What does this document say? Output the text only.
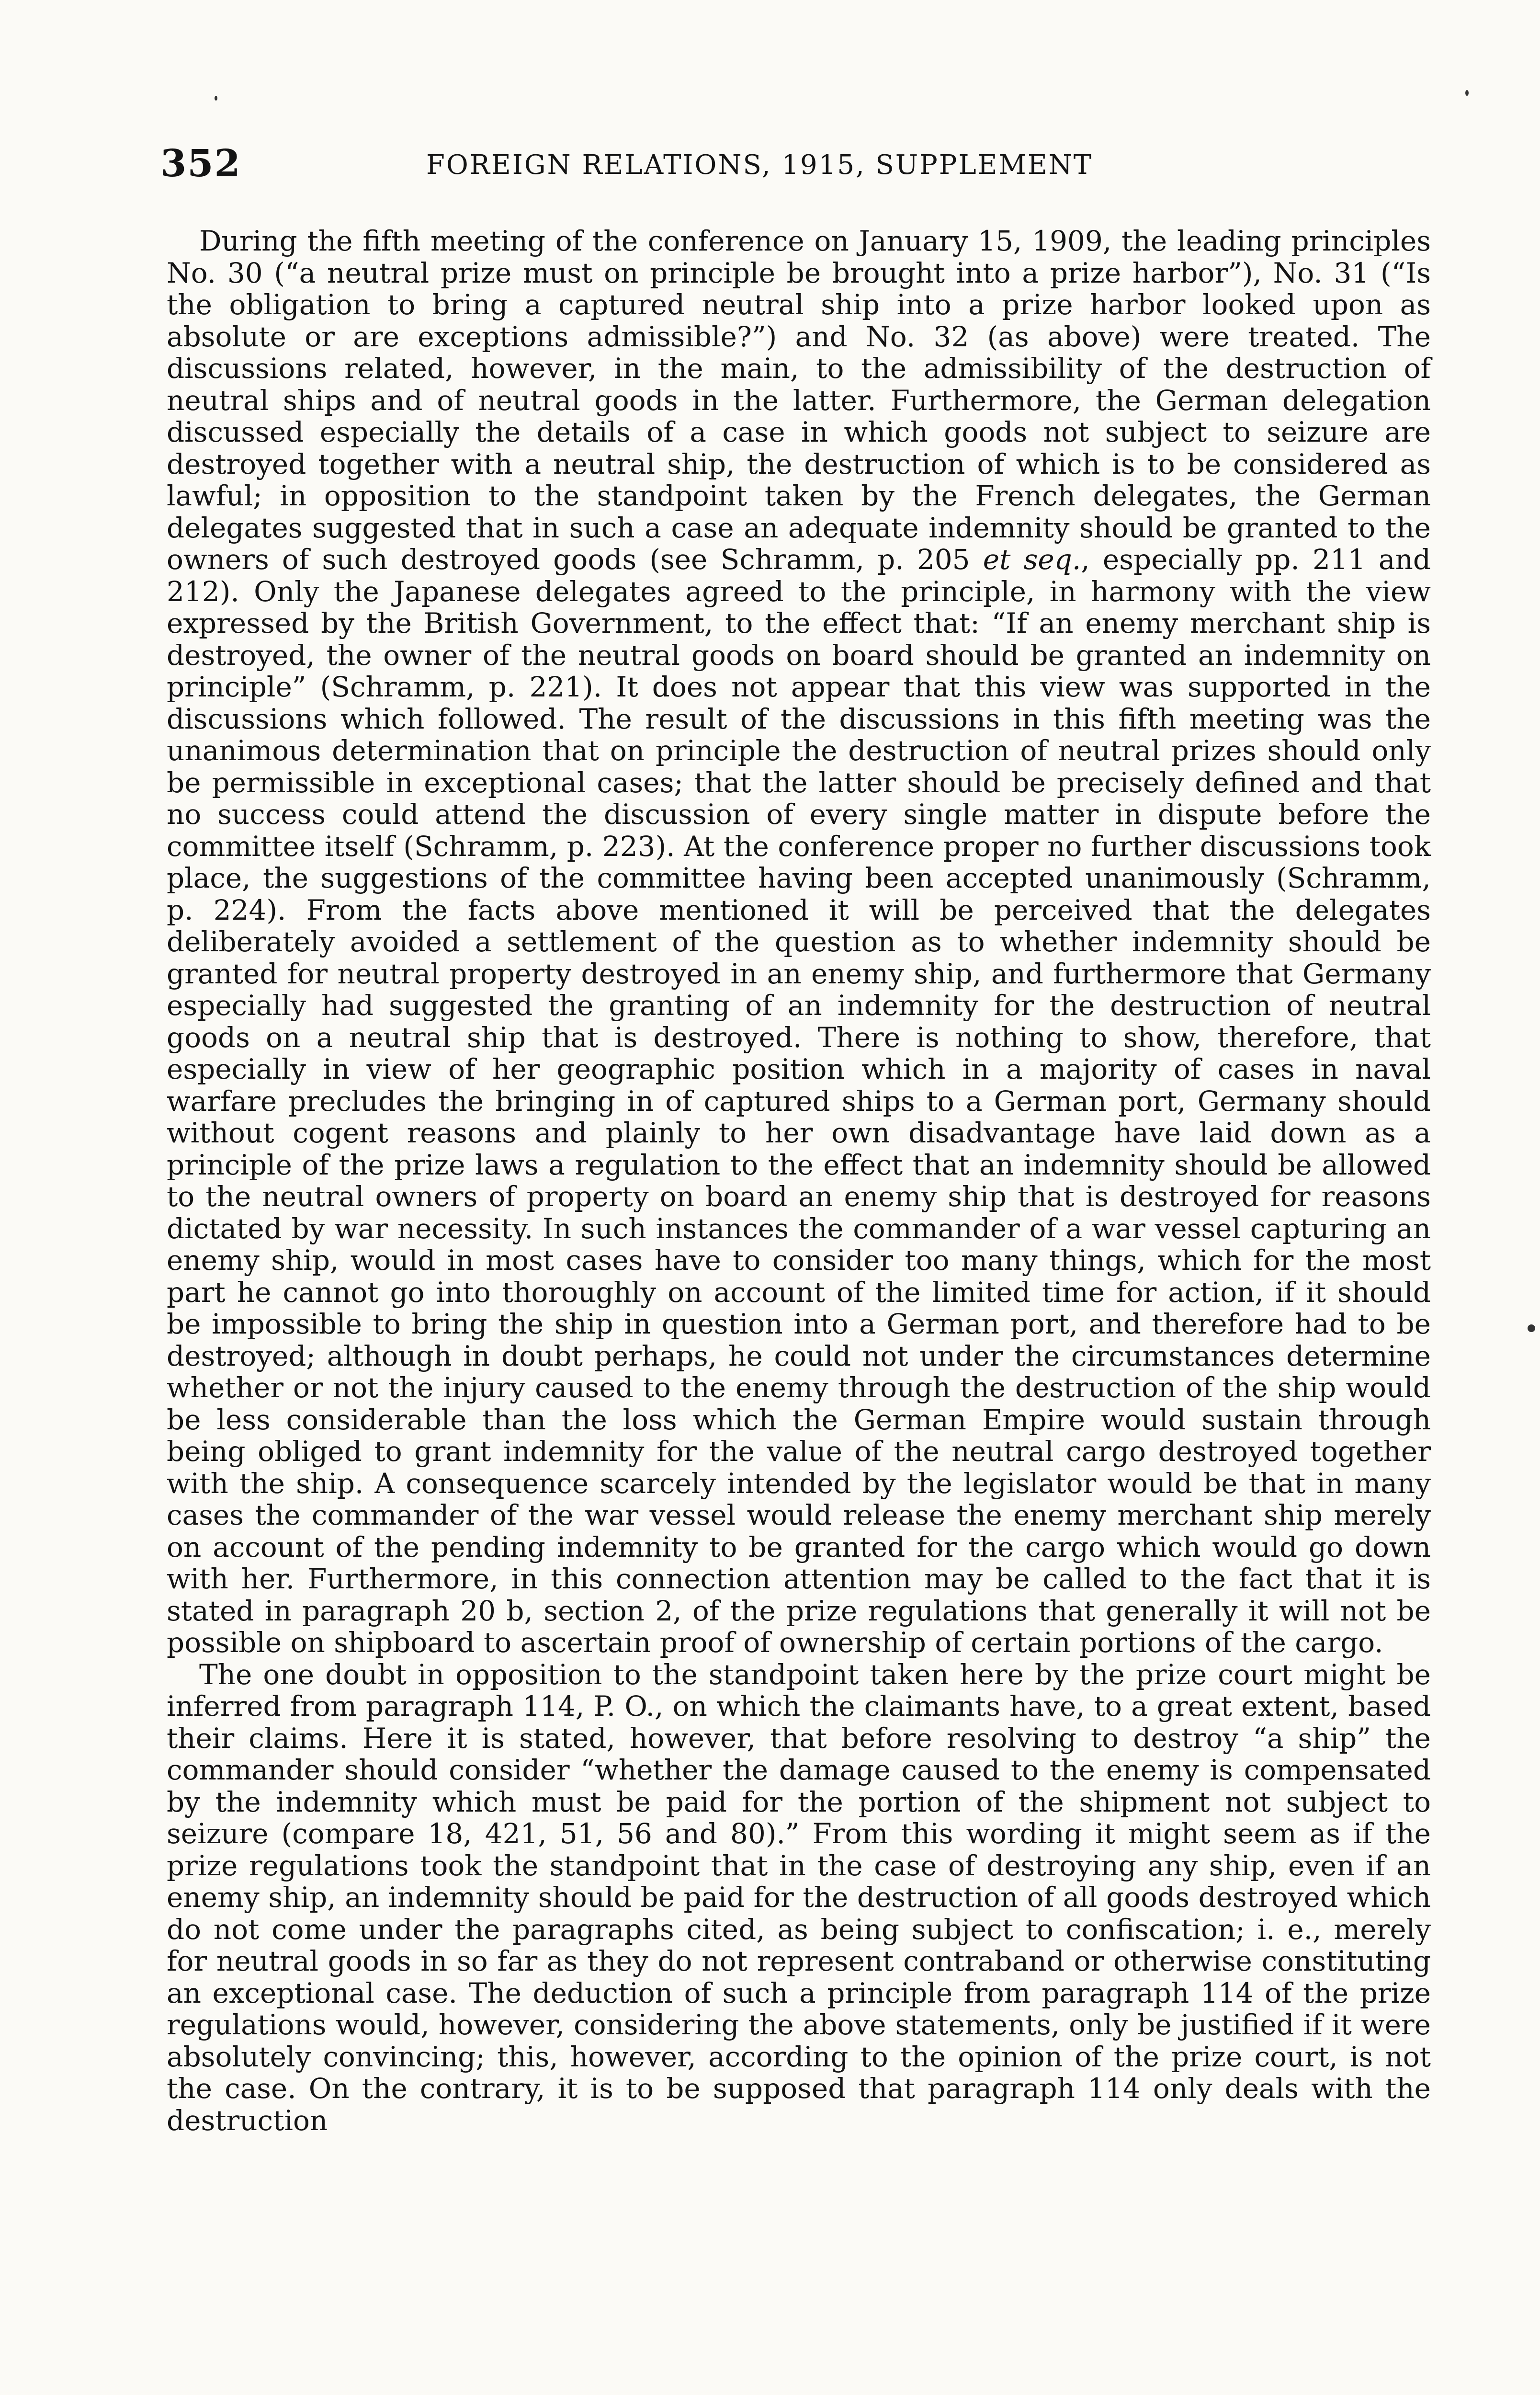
352	FOREIGN RELATIONS, 1915, SUPPLEMENT

During the fifth meeting of the conference on January 15, 1909, the leading principles No. 30 (“a neutral prize must on principle be brought into a prize harbor”), No. 31 (“Is the obligation to bring a captured neutral ship into a prize harbor looked upon as absolute or are exceptions admissible?”) and No. 32 (as above) were treated. The discussions related, however, in the main, to the admissibility of the destruction of neutral ships and of neutral goods in the latter. Furthermore, the German delegation discussed especially the details of a case in which goods not subject to seizure are destroyed together with a neutral ship, the destruction of which is to be considered as lawful; in opposition to the standpoint taken by the French delegates, the German delegates suggested that in such a case an adequate indemnity should be granted to the owners of such destroyed goods (see Schramm, p. 205 et seq., especially pp. 211 and 212). Only the Japanese delegates agreed to the principle, in harmony with the view expressed by the British Government, to the effect that: “If an enemy merchant ship is destroyed, the owner of the neutral goods on board should be granted an indemnity on principle” (Schramm, p. 221). It does not appear that this view was supported in the discussions which followed. The result of the discussions in this fifth meeting was the unanimous determination that on principle the destruction of neutral prizes should only be permissible in exceptional cases; that the latter should be precisely defined and that no success could attend the discussion of every single matter in dispute before the committee itself (Schramm, p. 223). At the conference proper no further discussions took place, the suggestions of the committee having been accepted unanimously (Schramm, p. 224). From the facts above mentioned it will be perceived that the delegates deliberately avoided a settlement of the question as to whether indemnity should be granted for neutral property destroyed in an enemy ship, and furthermore that Germany especially had suggested the granting of an indemnity for the destruction of neutral goods on a neutral ship that is destroyed. There is nothing to show, therefore, that especially in view of her geographic position which in a majority of cases in naval warfare precludes the bringing in of captured ships to a German port, Germany should without cogent reasons and plainly to her own disadvantage have laid down as a principle of the prize laws a regulation to the effect that an indemnity should be allowed to the neutral owners of property on board an enemy ship that is destroyed for reasons dictated by war necessity. In such instances the commander of a war vessel capturing an enemy ship, would in most cases have to consider too many things, which for the most part he cannot go into thoroughly on account of the limited time for action, if it should be impossible to bring the ship in question into a German port, and therefore had to be destroyed; although in doubt perhaps, he could not under the circumstances determine whether or not the injury caused to the enemy through the destruction of the ship would be less considerable than the loss which the German Empire would sustain through being obliged to grant indemnity for the value of the neutral cargo destroyed together with the ship. A consequence scarcely intended by the legislator would be that in many cases the commander of the war vessel would release the enemy merchant ship merely on account of the pending indemnity to be granted for the cargo which would go down with her. Furthermore, in this connection attention may be called to the fact that it is stated in paragraph 20 b, section 2, of the prize regulations that generally it will not be possible on shipboard to ascertain proof of ownership of certain portions of the cargo.

The one doubt in opposition to the standpoint taken here by the prize court might be inferred from paragraph 114, P. O., on which the claimants have, to a great extent, based their claims. Here it is stated, however, that before resolving to destroy “a ship” the commander should consider “whether the damage caused to the enemy is compensated by the indemnity which must be paid for the portion of the shipment not subject to seizure (compare 18, 421, 51, 56 and 80).” From this wording it might seem as if the prize regulations took the standpoint that in the case of destroying any ship, even if an enemy ship, an indemnity should be paid for the destruction of all goods destroyed which do not come under the paragraphs cited, as being subject to confiscation; i. e., merely for neutral goods in so far as they do not represent contraband or otherwise constituting an exceptional case. The deduction of such a principle from paragraph 114 of the prize regulations would, however, considering the above statements, only be justified if it were absolutely convincing; this, however, according to the opinion of the prize court, is not the case. On the contrary, it is to be supposed that paragraph 114 only deals with the destruction
